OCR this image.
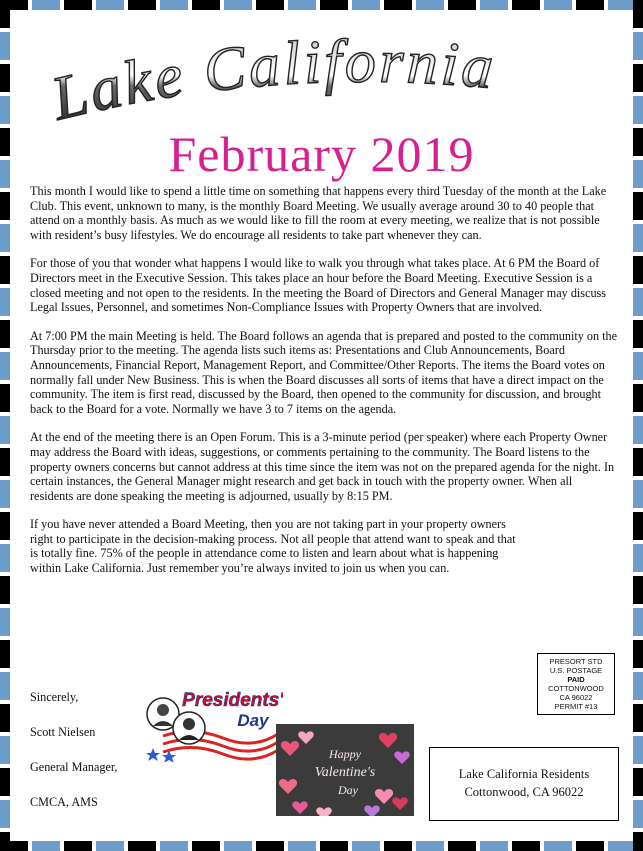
Lake California
February 2019

This month I would like to spend a little time on something that happens every third Tuesday of the month at the Lake Club. This event, unknown to many, is the monthly Board Meeting. We usually average around 30 to 40 people that attend on a monthly basis. As much as we would like to fill the room at every meeting, we realize that is not possible with resident’s busy lifestyles. We do encourage all residents to take part whenever they can.

For those of you that wonder what happens I would like to walk you through what takes place. At 6 PM the Board of Directors meet in the Executive Session. This takes place an hour before the Board Meeting. Executive Session is a closed meeting and not open to the residents. In the meeting the Board of Directors and General Manager may discuss Legal Issues, Personnel, and sometimes Non-Compliance Issues with Property Owners that are involved.

At 7:00 PM the main Meeting is held. The Board follows an agenda that is prepared and posted to the community on the Thursday prior to the meeting. The agenda lists such items as: Presentations and Club Announcements, Board Announcements, Financial Report, Management Report, and Committee/Other Reports. The items the Board votes on normally fall under New Business. This is when the Board discusses all sorts of items that have a direct impact on the community. The item is first read, discussed by the Board, then opened to the community for discussion, and brought back to the Board for a vote. Normally we have 3 to 7 items on the agenda.

At the end of the meeting there is an Open Forum. This is a 3-minute period (per speaker) where each Property Owner may address the Board with ideas, suggestions, or comments pertaining to the community. The Board listens to the property owners concerns but cannot address at this time since the item was not on the prepared agenda for the night. In certain instances, the General Manager might research and get back in touch with the property owner. When all residents are done speaking the meeting is adjourned, usually by 8:15 PM.

If you have never attended a Board Meeting, then you are not taking part in your property owners right to participate in the decision-making process. Not all people that attend want to speak and that is totally fine. 75% of the people in attendance come to listen and learn about what is happening within Lake California. Just remember you’re always invited to join us when you can.

Sincerely,
Scott Nielsen
General Manager,
CMCA, AMS
Presidents'
Day
Happy
Valentine's
Day
PRESORT STD
U.S. POSTAGE
PAID
COTTONWOOD
CA 96022
PERMIT #13
Lake California Residents
Cottonwood, CA 96022
